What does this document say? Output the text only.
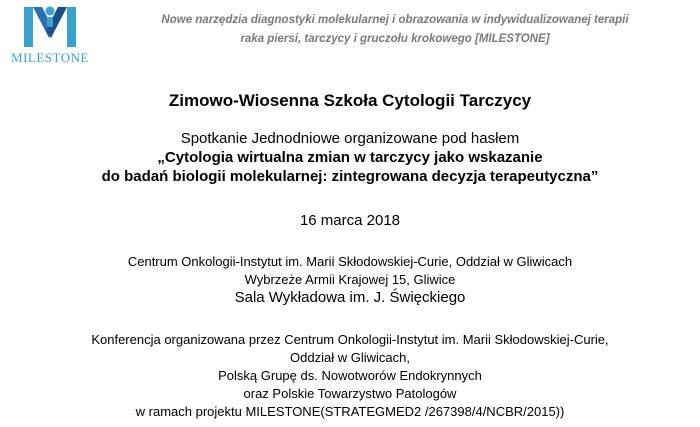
MILESTONE
Nowe narzędzia diagnostyki molekularnej i obrazowania w indywidualizowanej terapii
raka piersi, tarczycy i gruczołu krokowego [MILESTONE]
Zimowo-Wiosenna Szkoła Cytologii Tarczycy
Spotkanie Jednodniowe organizowane pod hasłem
„Cytologia wirtualna zmian w tarczycy jako wskazanie
do badań biologii molekularnej: zintegrowana decyzja terapeutyczna”
16 marca 2018
Centrum Onkologii-Instytut im. Marii Skłodowskiej-Curie, Oddział w Gliwicach
Wybrzeże Armii Krajowej 15, Gliwice
Sala Wykładowa im. J. Święckiego
Konferencja organizowana przez Centrum Onkologii-Instytut im. Marii Skłodowskiej-Curie,
Oddział w Gliwicach,
Polską Grupę ds. Nowotworów Endokrynnych
oraz Polskie Towarzystwo Patologów
w ramach projektu MILESTONE(STRATEGMED2 /267398/4/NCBR/2015))
